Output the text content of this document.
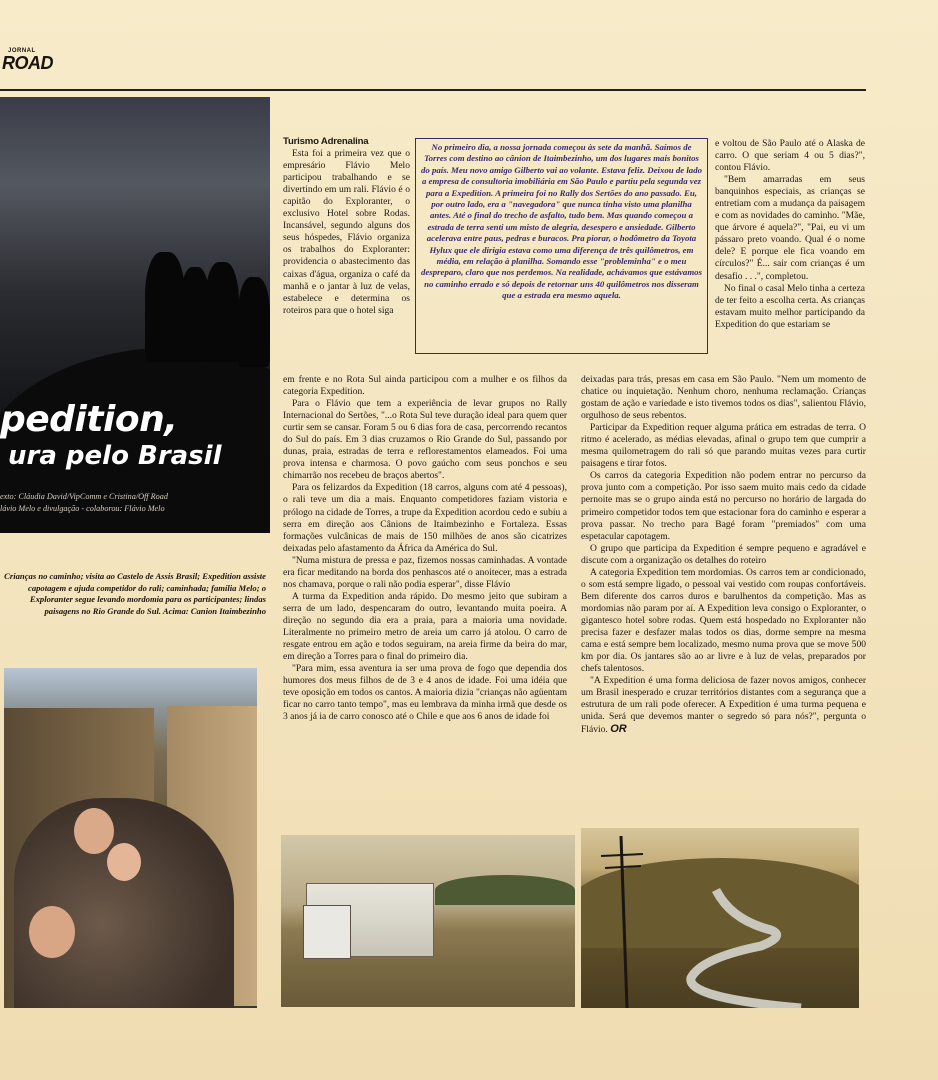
JORNAL
ROAD
pedition,
ura pelo Brasil
exto: Cláudia David/VipComm e Cristina/Off Road
lávio Melo e divulgação - colaborou: Flávio Melo
Crianças no caminho; visita ao Castelo de Assis Brasil; Expedition assiste capotagem e ajuda competidor do rali; caminhada; família Melo; o Exploranter segue levando mordomia para os participantes; lindas paisagens no Rio Grande do Sul. Acima: Canion Itaimbezinho
Turismo Adrenalina

Esta foi a primeira vez que o empresário Flávio Melo participou trabalhando e se divertindo em um rali. Flávio é o capitão do Exploranter, o exclusivo Hotel sobre Rodas. Incansável, segundo alguns dos seus hóspedes, Flávio organiza os trabalhos do Exploranter: providencia o abastecimento das caixas d'água, organiza o café da manhã e o jantar à luz de velas, estabelece e determina os roteiros para que o hotel siga

No primeiro dia, a nossa jornada começou às sete da manhã. Saímos de Torres com destino ao cânion de Itaimbezinho, um dos lugares mais bonitos do país. Meu novo amigo Gilberto vai ao volante. Estava feliz. Deixou de lado a empresa de consultoria imobiliária em São Paulo e partiu pela segunda vez para a Expedition. A primeira foi no Rally dos Sertões do ano passado. Eu, por outro lado, era a "navegadora" que nunca tinha visto uma planilha antes. Até o final do trecho de asfalto, tudo bem. Mas quando começou a estrada de terra senti um misto de alegria, desespero e ansiedade. Gilberto acelerava entre paus, pedras e buracos. Pra piorar, o hodômetro da Toyota Hylux que ele dirigia estava como uma diferença de três quilômetros, em média, em relação à planilha. Somando esse "probleminha" e o meu despreparo, claro que nos perdemos. Na realidade, achávamos que estávamos no caminho errado e só depois de retornar uns 40 quilômetros nos disseram que a estrada era mesmo aquela.

e voltou de São Paulo até o Alaska de carro. O que seriam 4 ou 5 dias?", contou Flávio.

"Bem amarradas em seus banquinhos especiais, as crianças se entretiam com a mudança da paisagem e com as novidades do caminho. "Mãe, que árvore é aquela?", "Pai, eu vi um pássaro preto voando. Qual é o nome dele? E porque ele fica voando em círculos?" É... sair com crianças é um desafio . . .", completou.

No final o casal Melo tinha a certeza de ter feito a escolha certa. As crianças estavam muito melhor participando da Expedition do que estariam se

em frente e no Rota Sul ainda participou com a mulher e os filhos da categoria Expedition.

Para o Flávio que tem a experiência de levar grupos no Rally Internacional do Sertões, "...o Rota Sul teve duração ideal para quem quer curtir sem se cansar. Foram 5 ou 6 dias fora de casa, percorrendo recantos do Sul do país. Em 3 dias cruzamos o Rio Grande do Sul, passando por dunas, praia, estradas de terra e reflorestamentos elameados. Foi uma prova intensa e charmosa. O povo gaúcho com seus ponchos e seu chimarrão nos recebeu de braços abertos".

Para os felizardos da Expedition (18 carros, alguns com até 4 pessoas), o rali teve um dia a mais. Enquanto competidores faziam vistoria e prólogo na cidade de Torres, a trupe da Expedition acordou cedo e subiu a serra em direção aos Cânions de Itaimbezinho e Fortaleza. Essas formações vulcânicas de mais de 150 milhões de anos são cicatrizes deixadas pelo afastamento da África da América do Sul.

"Numa mistura de pressa e paz, fizemos nossas caminhadas. A vontade era ficar meditando na borda dos penhascos até o anoitecer, mas a estrada nos chamava, porque o rali não podia esperar", disse Flávio

A turma da Expedition anda rápido. Do mesmo jeito que subiram a serra de um lado, despencaram do outro, levantando muita poeira. A direção no segundo dia era a praia, para a maioria uma novidade. Literalmente no primeiro metro de areia um carro já atolou. O carro de resgate entrou em ação e todos seguiram, na areia firme da beira do mar, em direção a Torres para o final do primeiro dia.

"Para mim, essa aventura ia ser uma prova de fogo que dependia dos humores dos meus filhos de de 3 e 4 anos de idade. Foi uma idéia que teve oposição em todos os cantos. A maioria dizia "crianças não agüentam ficar no carro tanto tempo", mas eu lembrava da minha irmã que desde os 3 anos já ia de carro conosco até o Chile e que aos 6 anos de idade foi

deixadas para trás, presas em casa em São Paulo. "Nem um momento de chatice ou inquietação. Nenhum choro, nenhuma reclamação. Crianças gostam de ação e variedade e isto tivemos todos os dias", salientou Flávio, orgulhoso de seus rebentos.

Participar da Expedition requer alguma prática em estradas de terra. O ritmo é acelerado, as médias elevadas, afinal o grupo tem que cumprir a mesma quilometragem do rali só que parando muitas vezes para curtir paisagens e tirar fotos.

Os carros da categoria Expedition não podem entrar no percurso da prova junto com a competição. Por isso saem muito mais cedo da cidade pernoite mas se o grupo ainda está no percurso no horário de largada do primeiro competidor todos tem que estacionar fora do caminho e esperar a prova passar. No trecho para Bagé foram "premiados" com uma espetacular capotagem.

O grupo que participa da Expedition é sempre pequeno e agradável e discute com a organização os detalhes do roteiro

A categoria Expedition tem mordomias. Os carros tem ar condicionado, o som está sempre ligado, o pessoal vai vestido com roupas confortáveis. Bem diferente dos carros duros e barulhentos da competição. Mas as mordomias não param por aí. A Expedition leva consigo o Exploranter, o gigantesco hotel sobre rodas. Quem está hospedado no Exploranter não precisa fazer e desfazer malas todos os dias, dorme sempre na mesma cama e está sempre bem localizado, mesmo numa prova que se move 500 km por dia. Os jantares são ao ar livre e à luz de velas, preparados por chefs talentosos.

"A Expedition é uma forma deliciosa de fazer novos amigos, conhecer um Brasil inesperado e cruzar territórios distantes com a segurança que a estrutura de um rali pode oferecer. A Expedition é uma turma pequena e unida. Será que devemos manter o segredo só para nós?", pergunta o Flávio. OR
